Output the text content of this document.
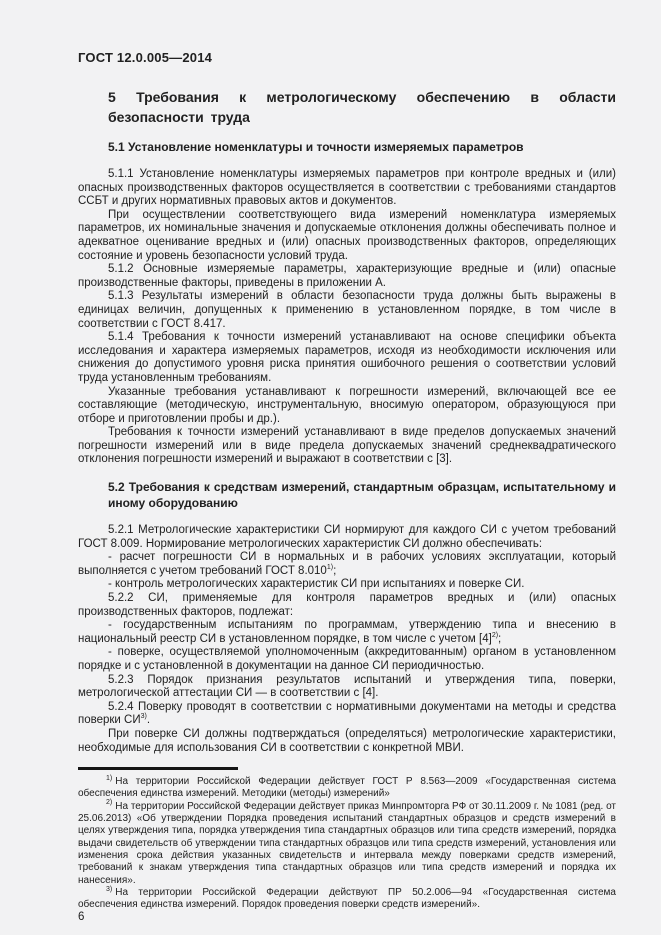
ГОСТ 12.0.005—2014
5 Требования к метрологическому обеспечению в области безопасности труда
5.1 Установление номенклатуры и точности измеряемых параметров

5.1.1 Установление номенклатуры измеряемых параметров при контроле вредных и (или) опасных производственных факторов осуществляется в соответствии с требованиями стандартов ССБТ и других нормативных правовых актов и документов.

При осуществлении соответствующего вида измерений номенклатура измеряемых параметров, их номинальные значения и допускаемые отклонения должны обеспечивать полное и адекватное оценивание вредных и (или) опасных производственных факторов, определяющих состояние и уровень безопасности условий труда.

5.1.2 Основные измеряемые параметры, характеризующие вредные и (или) опасные производственные факторы, приведены в приложении А.

5.1.3 Результаты измерений в области безопасности труда должны быть выражены в единицах величин, допущенных к применению в установленном порядке, в том числе в соответствии с ГОСТ 8.417.

5.1.4 Требования к точности измерений устанавливают на основе специфики объекта исследования и характера измеряемых параметров, исходя из необходимости исключения или снижения до допустимого уровня риска принятия ошибочного решения о соответствии условий труда установленным требованиям.

Указанные требования устанавливают к погрешности измерений, включающей все ее составляющие (методическую, инструментальную, вносимую оператором, образующуюся при отборе и приготовлении пробы и др.).

Требования к точности измерений устанавливают в виде пределов допускаемых значений погрешности измерений или в виде предела допускаемых значений среднеквадратического отклонения погрешности измерений и выражают в соответствии с [3].

5.2 Требования к средствам измерений, стандартным образцам, испытательному и иному оборудованию

5.2.1 Метрологические характеристики СИ нормируют для каждого СИ с учетом требований ГОСТ 8.009. Нормирование метрологических характеристик СИ должно обеспечивать:

- расчет погрешности СИ в нормальных и в рабочих условиях эксплуатации, который выполняется с учетом требований ГОСТ 8.010$^{1)}$;

- контроль метрологических характеристик СИ при испытаниях и поверке СИ.

5.2.2 СИ, применяемые для контроля параметров вредных и (или) опасных производственных факторов, подлежат:

- государственным испытаниям по программам, утверждению типа и внесению в национальный реестр СИ в установленном порядке, в том числе с учетом $[4]^{2)}$;

- поверке, осуществляемой уполномоченным (аккредитованным) органом в установленном порядке и с установленной в документации на данное СИ периодичностью.

5.2.3 Порядок признания результатов испытаний и утверждения типа, поверки, метрологической аттестации СИ — в соответствии с [4].

5.2.4 Поверку проводят в соответствии с нормативными документами на методы и средства поверки СИ$^{3)}$.

При поверке СИ должны подтверждаться (определяться) метрологические характеристики, необходимые для использования СИ в соответствии с конкретной МВИ.

$^{1)}$ На территории Российской Федерации действует ГОСТ Р 8.563—2009 «Государственная система обеспечения единства измерений. Методики (методы) измерений»

$^{2)}$ На территории Российской Федерации действует приказ Минпромторга РФ от 30.11.2009 г. № 1081 (ред. от 25.06.2013) «Об утверждении Порядка проведения испытаний стандартных образцов и средств измерений в целях утверждения типа, порядка утверждения типа стандартных образцов или типа средств измерений, порядка выдачи свидетельств об утверждении типа стандартных образцов или типа средств измерений, установления или изменения срока действия указанных свидетельств и интервала между поверками средств измерений, требований к знакам утверждения типа стандартных образцов или типа средств измерений и порядка их нанесения».

$^{3)}$ На территории Российской Федерации действуют ПР 50.2.006—94 «Государственная система обеспечения единства измерений. Порядок проведения поверки средств измерений».

6
